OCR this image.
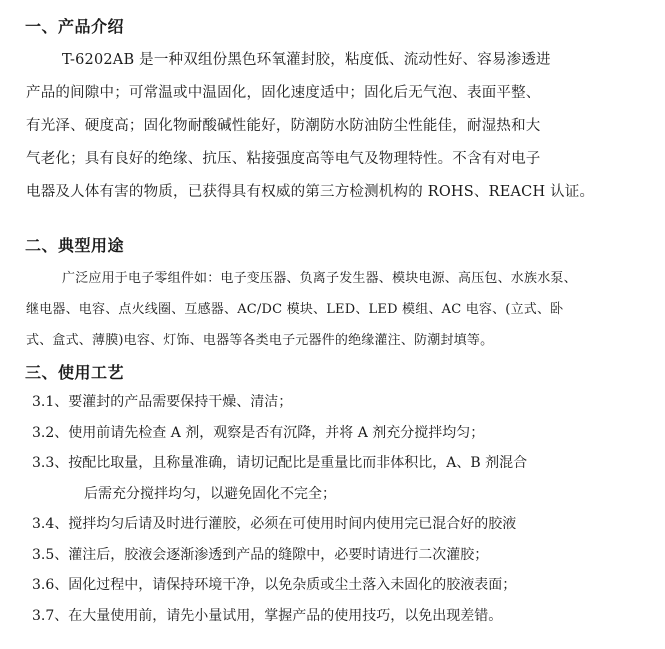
一、产品介绍
T-6202AB 是一种双组份黑色环氧灌封胶，粘度低、流动性好、容易渗透进
产品的间隙中；可常温或中温固化，固化速度适中；固化后无气泡、表面平整、
有光泽、硬度高；固化物耐酸碱性能好，防潮防水防油防尘性能佳，耐湿热和大
气老化；具有良好的绝缘、抗压、粘接强度高等电气及物理特性。不含有对电子
电器及人体有害的物质，已获得具有权威的第三方检测机构的 ROHS、REACH 认证。
二、典型用途
广泛应用于电子零组件如：电子变压器、负离子发生器、模块电源、高压包、水族水泵、
继电器、电容、点火线圈、互感器、AC/DC 模块、LED、LED 模组、AC 电容、(立式、卧
式、盒式、薄膜)电容、灯饰、电器等各类电子元器件的绝缘灌注、防潮封填等。
三、使用工艺
3.1、要灌封的产品需要保持干燥、清洁；
3.2、使用前请先检查 A 剂，观察是否有沉降，并将 A 剂充分搅拌均匀；
3.3、按配比取量，且称量准确，请切记配比是重量比而非体积比，A、B 剂混合
后需充分搅拌均匀，以避免固化不完全；
3.4、搅拌均匀后请及时进行灌胶，必须在可使用时间内使用完已混合好的胶液
3.5、灌注后，胶液会逐渐渗透到产品的缝隙中，必要时请进行二次灌胶；
3.6、固化过程中，请保持环境干净，以免杂质或尘土落入未固化的胶液表面；
3.7、在大量使用前，请先小量试用，掌握产品的使用技巧，以免出现差错。
